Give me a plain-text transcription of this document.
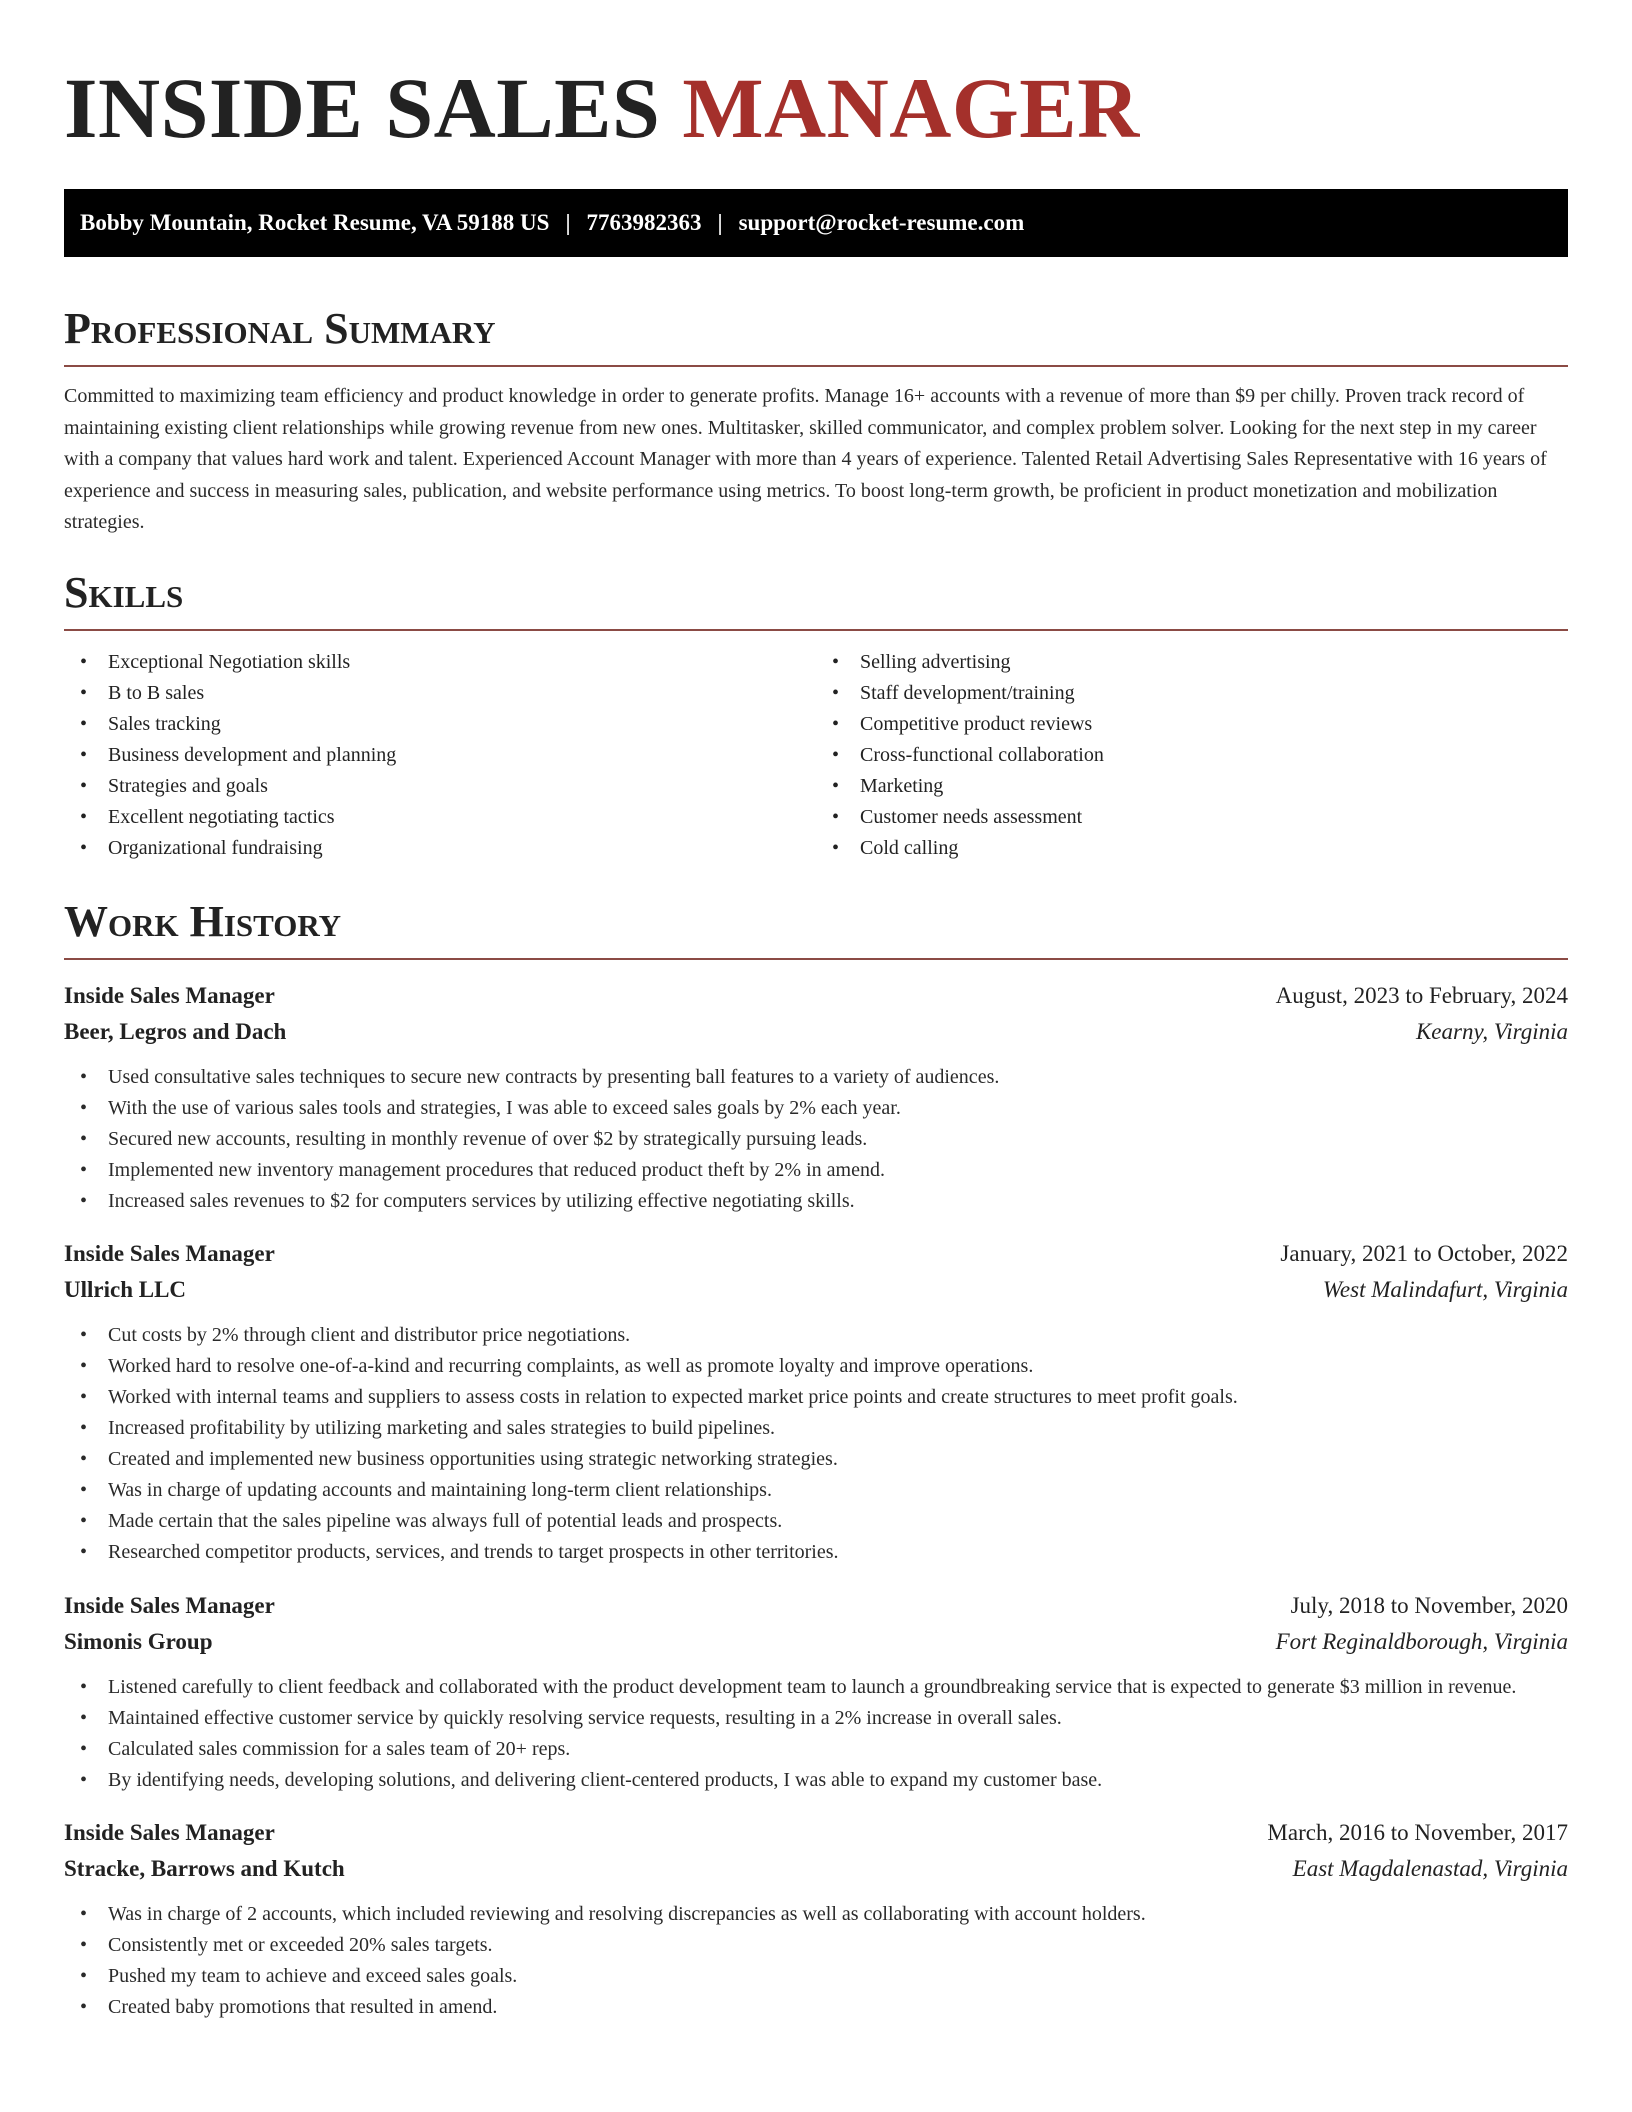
INSIDE SALES MANAGER
Bobby Mountain, Rocket Resume, VA 59188 US | 7763982363 | support@rocket-resume.com
Professional Summary

Committed to maximizing team efficiency and product knowledge in order to generate profits. Manage 16+ accounts with a revenue of more than $9 per chilly. Proven track record of maintaining existing client relationships while growing revenue from new ones. Multitasker, skilled communicator, and complex problem solver. Looking for the next step in my career with a company that values hard work and talent. Experienced Account Manager with more than 4 years of experience. Talented Retail Advertising Sales Representative with 16 years of experience and success in measuring sales, publication, and website performance using metrics. To boost long-term growth, be proficient in product monetization and mobilization strategies.

Skills
• Exceptional Negotiation skills
• B to B sales
• Sales tracking
• Business development and planning
• Strategies and goals
• Excellent negotiating tactics
• Organizational fundraising
• Selling advertising
• Staff development/training
• Competitive product reviews
• Cross-functional collaboration
• Marketing
• Customer needs assessment
• Cold calling
Work History
Inside Sales Manager	August, 2023 to February, 2024
Beer, Legros and Dach	Kearny, Virginia
• Used consultative sales techniques to secure new contracts by presenting ball features to a variety of audiences.
• With the use of various sales tools and strategies, I was able to exceed sales goals by 2% each year.
• Secured new accounts, resulting in monthly revenue of over $2 by strategically pursuing leads.
• Implemented new inventory management procedures that reduced product theft by 2% in amend.
• Increased sales revenues to $2 for computers services by utilizing effective negotiating skills.
Inside Sales Manager	January, 2021 to October, 2022
Ullrich LLC	West Malindafurt, Virginia
• Cut costs by 2% through client and distributor price negotiations.
• Worked hard to resolve one-of-a-kind and recurring complaints, as well as promote loyalty and improve operations.
• Worked with internal teams and suppliers to assess costs in relation to expected market price points and create structures to meet profit goals.
• Increased profitability by utilizing marketing and sales strategies to build pipelines.
• Created and implemented new business opportunities using strategic networking strategies.
• Was in charge of updating accounts and maintaining long-term client relationships.
• Made certain that the sales pipeline was always full of potential leads and prospects.
• Researched competitor products, services, and trends to target prospects in other territories.
Inside Sales Manager	July, 2018 to November, 2020
Simonis Group	Fort Reginaldborough, Virginia
• Listened carefully to client feedback and collaborated with the product development team to launch a groundbreaking service that is expected to generate $3 million in revenue.
• Maintained effective customer service by quickly resolving service requests, resulting in a 2% increase in overall sales.
• Calculated sales commission for a sales team of 20+ reps.
• By identifying needs, developing solutions, and delivering client-centered products, I was able to expand my customer base.
Inside Sales Manager	March, 2016 to November, 2017
Stracke, Barrows and Kutch	East Magdalenastad, Virginia
• Was in charge of 2 accounts, which included reviewing and resolving discrepancies as well as collaborating with account holders.
• Consistently met or exceeded 20% sales targets.
• Pushed my team to achieve and exceed sales goals.
• Created baby promotions that resulted in amend.
